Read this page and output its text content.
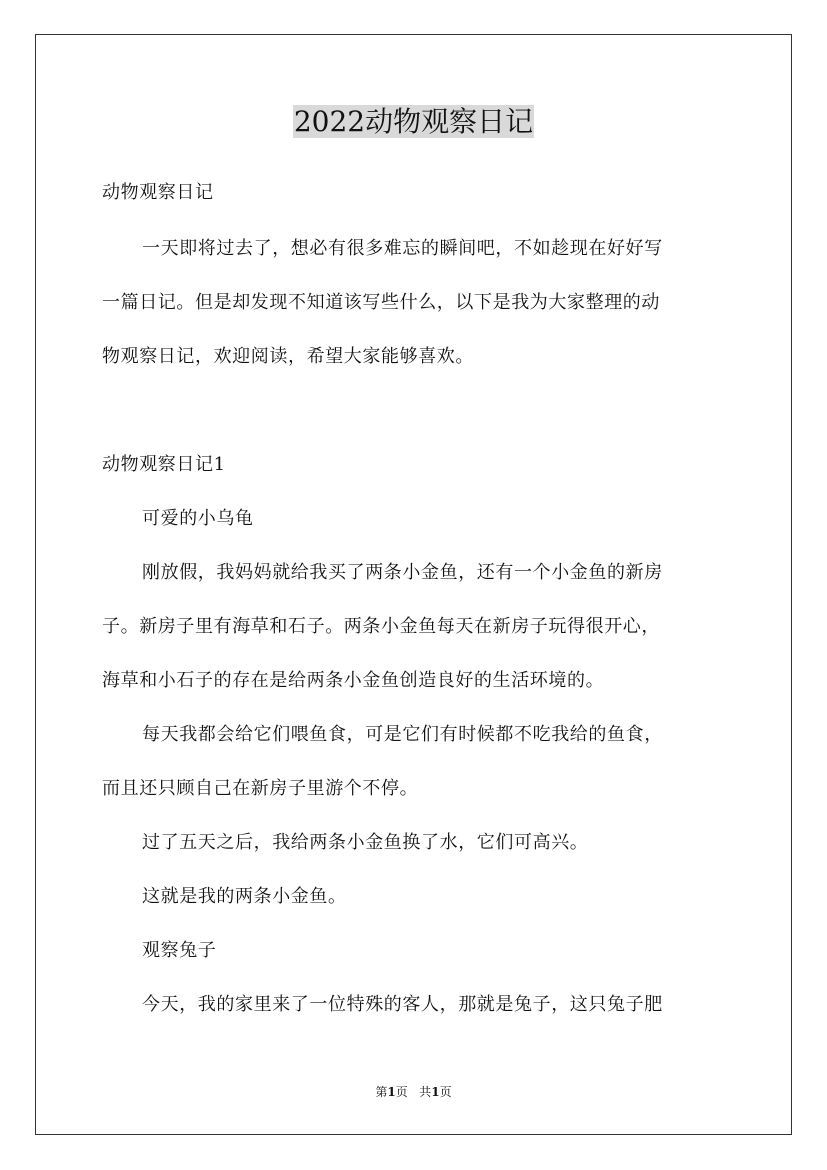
2022动物观察日记
动物观察日记
一天即将过去了，想必有很多难忘的瞬间吧，不如趁现在好好写
一篇日记。但是却发现不知道该写些什么，以下是我为大家整理的动
物观察日记，欢迎阅读，希望大家能够喜欢。
动物观察日记1
可爱的小乌龟
刚放假，我妈妈就给我买了两条小金鱼，还有一个小金鱼的新房
子。新房子里有海草和石子。两条小金鱼每天在新房子玩得很开心，
海草和小石子的存在是给两条小金鱼创造良好的生活环境的。
每天我都会给它们喂鱼食，可是它们有时候都不吃我给的鱼食，
而且还只顾自己在新房子里游个不停。
过了五天之后，我给两条小金鱼换了水，它们可高兴。
这就是我的两条小金鱼。
观察兔子
今天，我的家里来了一位特殊的客人，那就是兔子，这只兔子肥
第1页 共1页
